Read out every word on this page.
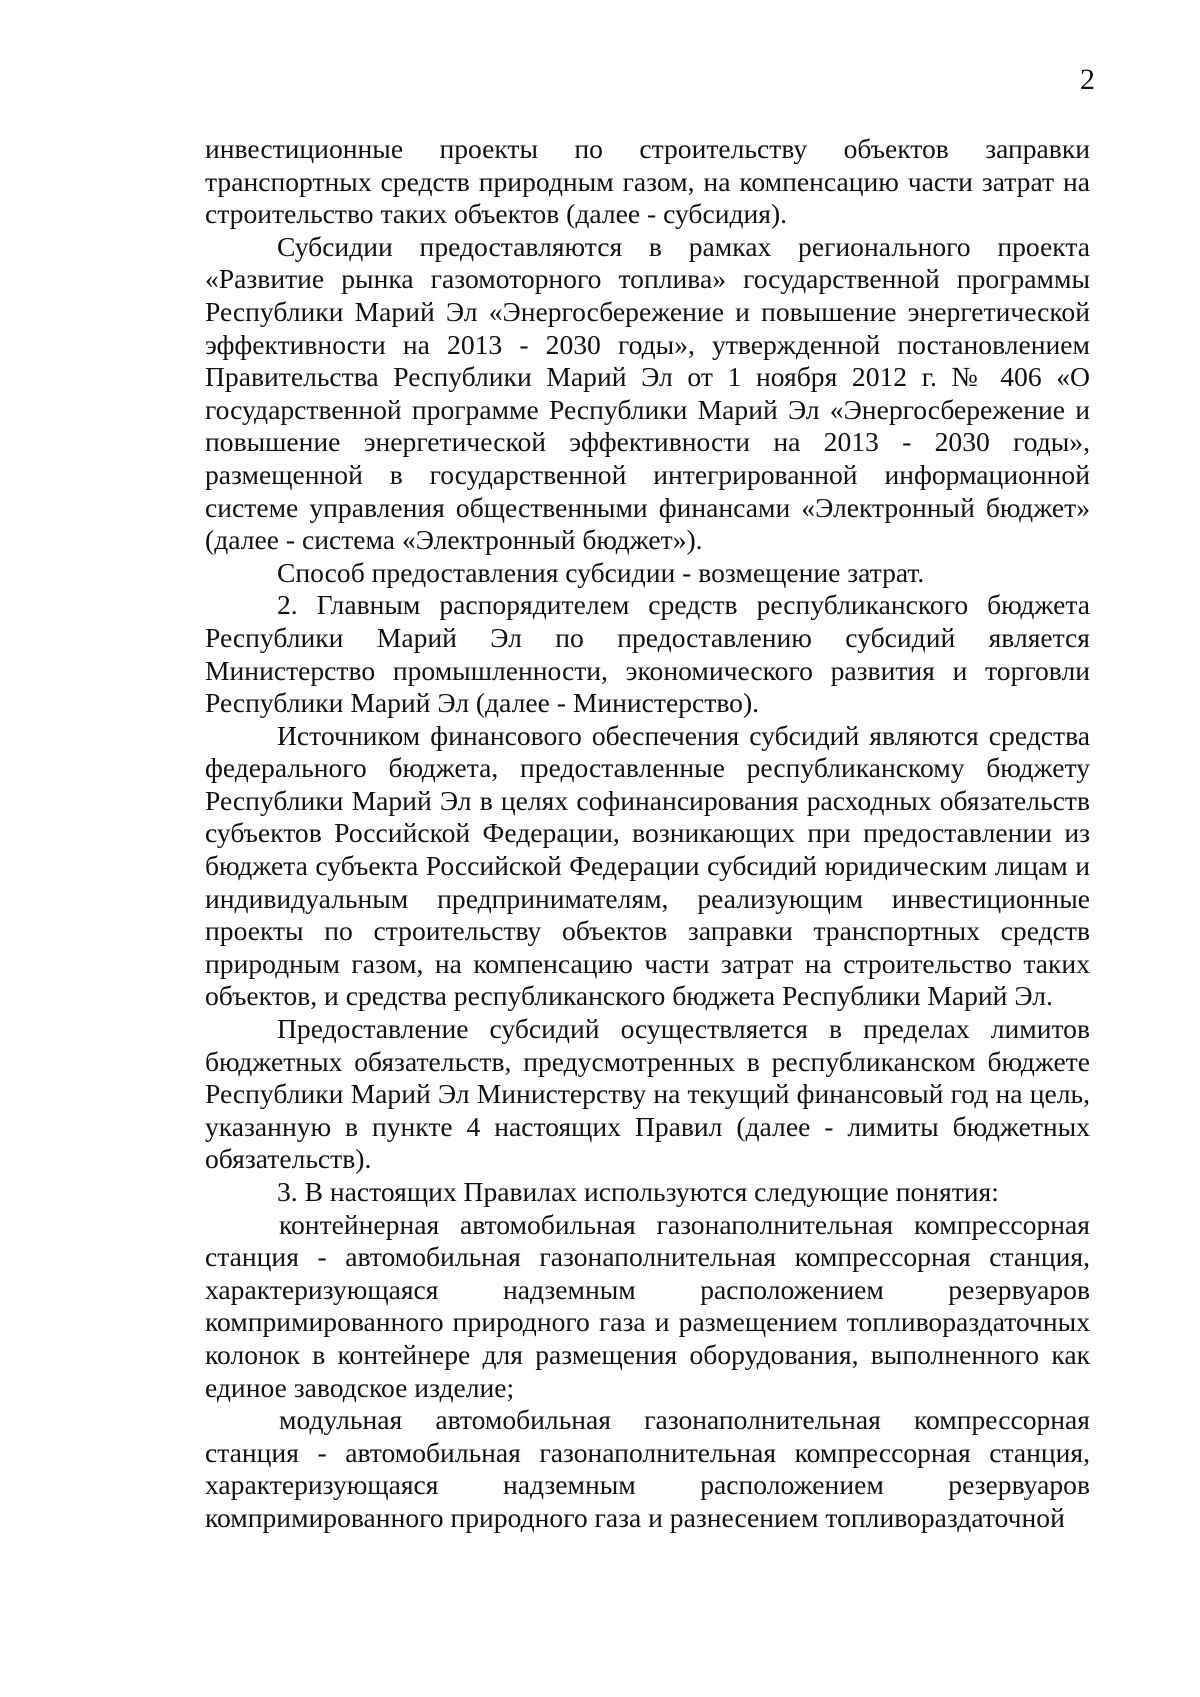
2

инвестиционные проекты по строительству объектов заправки транспортных средств природным газом, на компенсацию части затрат на строительство таких объектов (далее - субсидия).

Субсидии предоставляются в рамках регионального проекта «Развитие рынка газомоторного топлива» государственной программы Республики Марий Эл «Энергосбережение и повышение энергетической эффективности на 2013 - 2030 годы», утвержденной постановлением Правительства Республики Марий Эл от 1 ноября 2012 г. № 406 «О государственной программе Республики Марий Эл «Энергосбережение и повышение энергетической эффективности на 2013 - 2030 годы», размещенной в государственной интегрированной информационной системе управления общественными финансами «Электронный бюджет» (далее - система «Электронный бюджет»).

Способ предоставления субсидии - возмещение затрат.

2. Главным распорядителем средств республиканского бюджета Республики Марий Эл по предоставлению субсидий является Министерство промышленности, экономического развития и торговли Республики Марий Эл (далее - Министерство).

Источником финансового обеспечения субсидий являются средства федерального бюджета, предоставленные республиканскому бюджету Республики Марий Эл в целях софинансирования расходных обязательств субъектов Российской Федерации, возникающих при предоставлении из бюджета субъекта Российской Федерации субсидий юридическим лицам и индивидуальным предпринимателям, реализующим инвестиционные проекты по строительству объектов заправки транспортных средств природным газом, на компенсацию части затрат на строительство таких объектов, и средства республиканского бюджета Республики Марий Эл.

Предоставление субсидий осуществляется в пределах лимитов бюджетных обязательств, предусмотренных в республиканском бюджете Республики Марий Эл Министерству на текущий финансовый год на цель, указанную в пункте 4 настоящих Правил (далее - лимиты бюджетных обязательств).

3. В настоящих Правилах используются следующие понятия:

контейнерная автомобильная газонаполнительная компрессорная станция - автомобильная газонаполнительная компрессорная станция, характеризующаяся надземным расположением резервуаров компримированного природного газа и размещением топливораздаточных колонок в контейнере для размещения оборудования, выполненного как единое заводское изделие;

модульная автомобильная газонаполнительная компрессорная станция - автомобильная газонаполнительная компрессорная станция, характеризующаяся надземным расположением резервуаров компримированного природного газа и разнесением топливораздаточной
